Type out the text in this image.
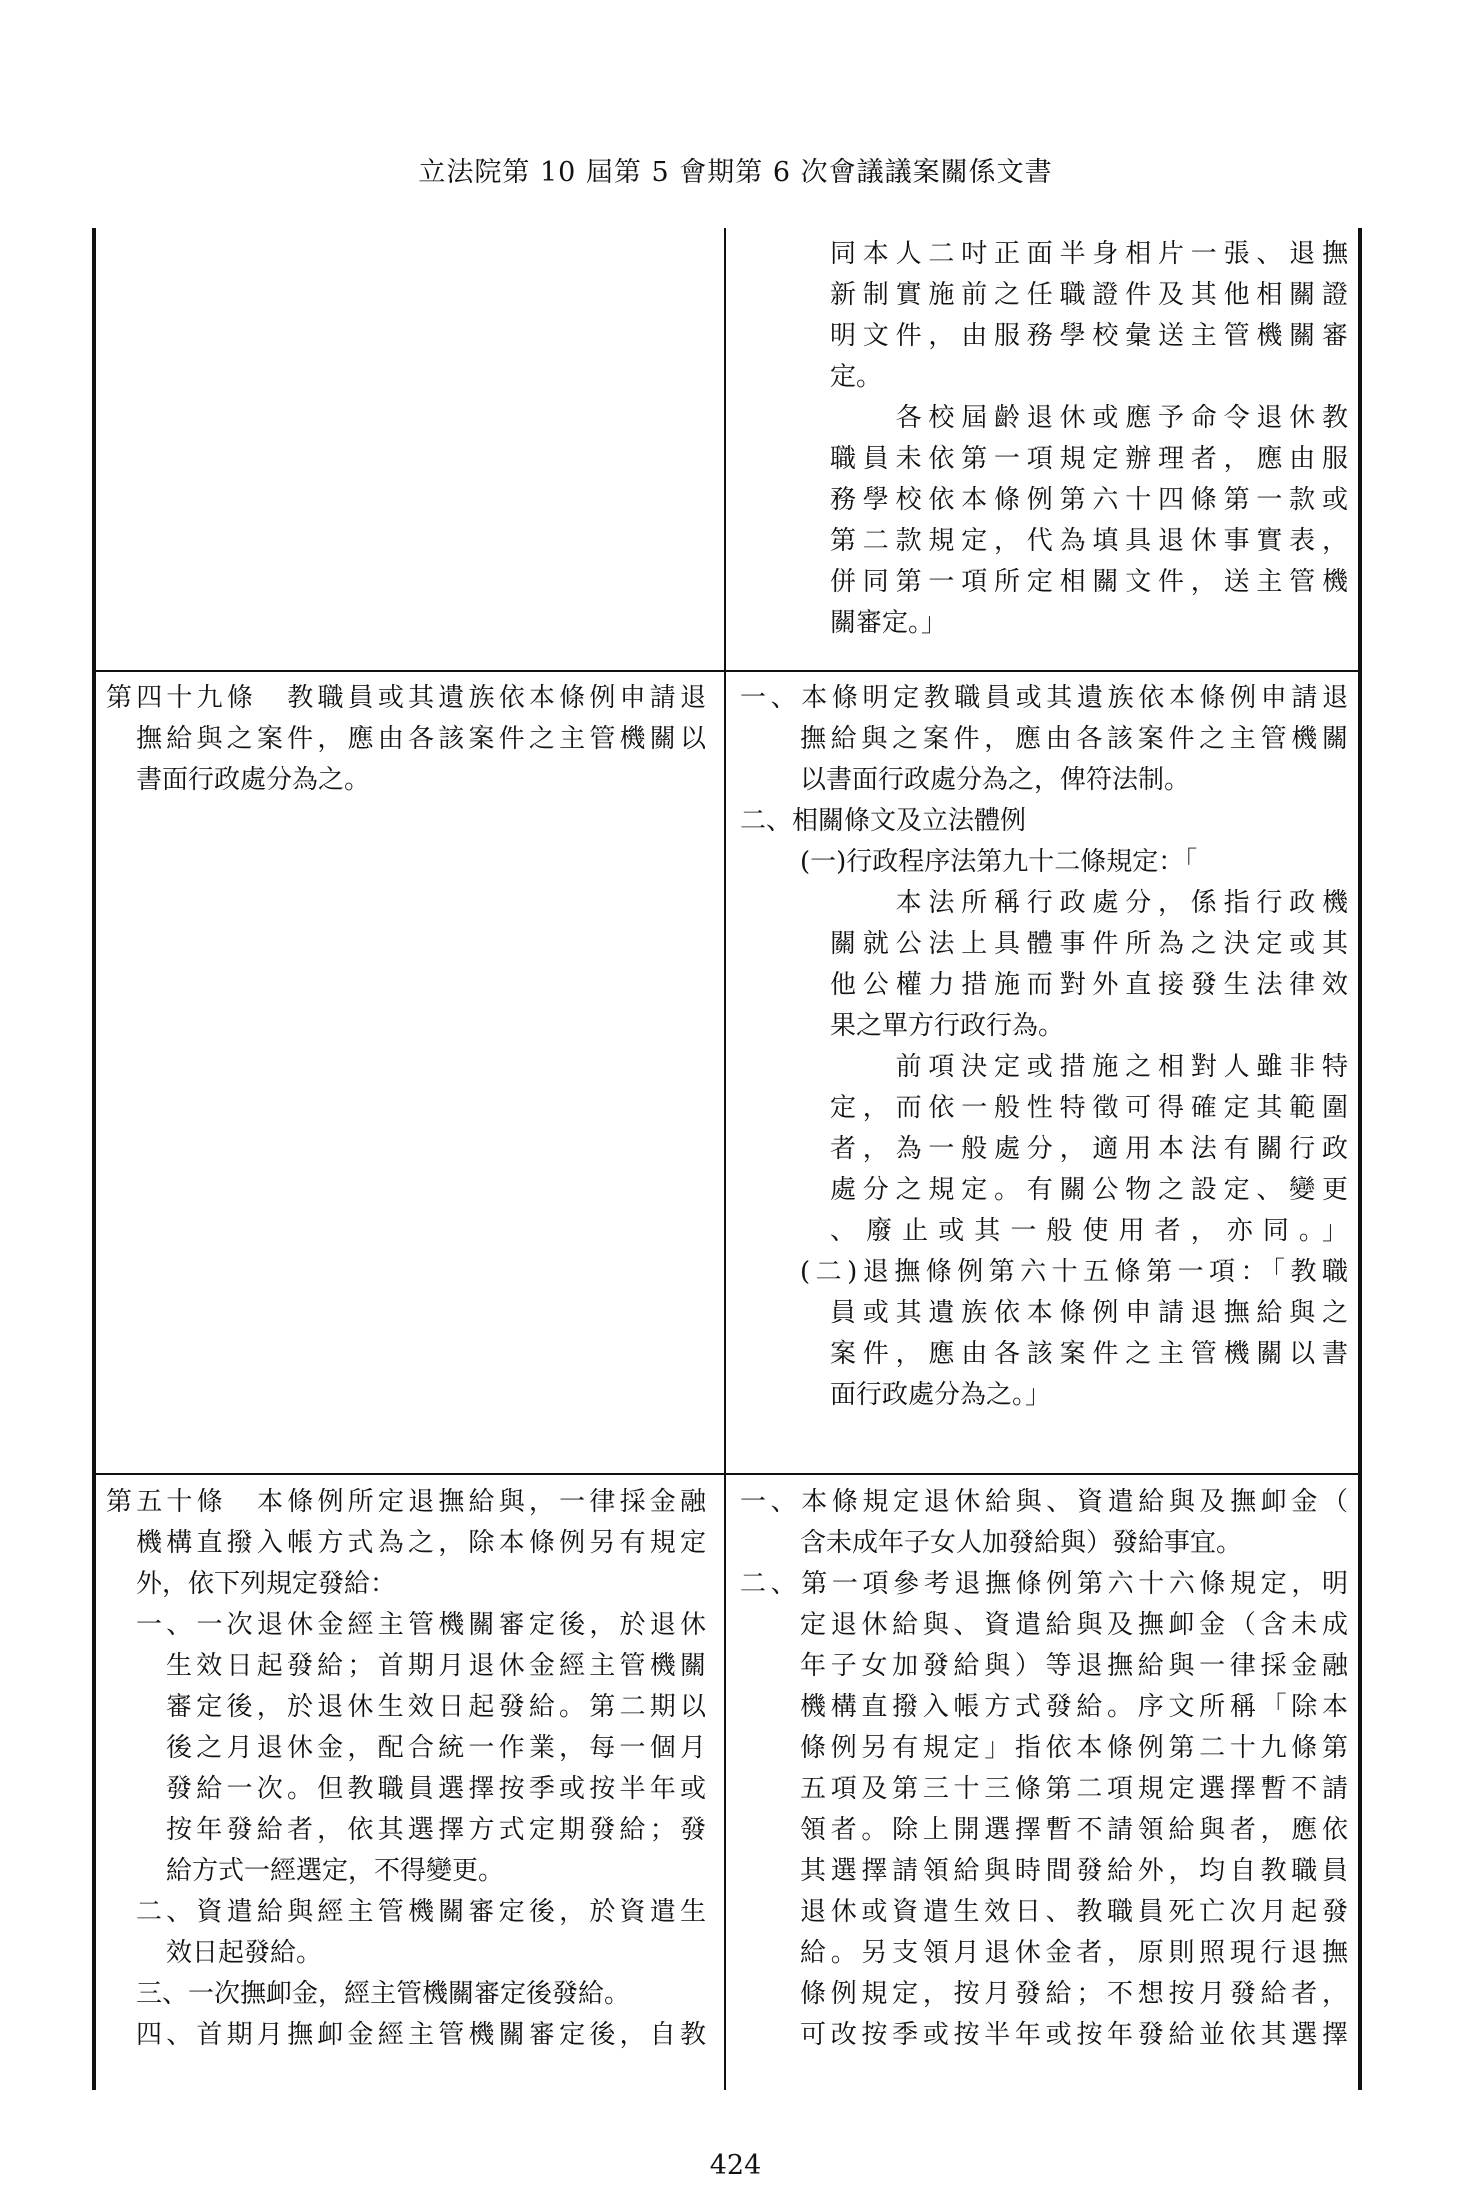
立法院第 10 屆第 5 會期第 6 次會議議案關係文書

同本人二吋正面半身相片一張、退撫

新制實施前之任職證件及其他相關證

明文件，由服務學校彙送主管機關審

定。

　　各校屆齡退休或應予命令退休教

職員未依第一項規定辦理者，應由服

務學校依本條例第六十四條第一款或

第二款規定，代為填具退休事實表，

併同第一項所定相關文件，送主管機

關審定。」

第四十九條　教職員或其遺族依本條例申請退

撫給與之案件，應由各該案件之主管機關以

書面行政處分為之。

一、本條明定教職員或其遺族依本條例申請退

撫給與之案件，應由各該案件之主管機關

以書面行政處分為之，俾符法制。

二、相關條文及立法體例

(一)行政程序法第九十二條規定：「

　　本法所稱行政處分，係指行政機

關就公法上具體事件所為之決定或其

他公權力措施而對外直接發生法律效

果之單方行政行為。

　　前項決定或措施之相對人雖非特

定，而依一般性特徵可得確定其範圍

者，為一般處分，適用本法有關行政

處分之規定。有關公物之設定、變更

、廢止或其一般使用者，亦同。」

(二)退撫條例第六十五條第一項：「教職

員或其遺族依本條例申請退撫給與之

案件，應由各該案件之主管機關以書

面行政處分為之。」

第五十條　本條例所定退撫給與，一律採金融

機構直撥入帳方式為之，除本條例另有規定

外，依下列規定發給：

一、一次退休金經主管機關審定後，於退休

生效日起發給；首期月退休金經主管機關

審定後，於退休生效日起發給。第二期以

後之月退休金，配合統一作業，每一個月

發給一次。但教職員選擇按季或按半年或

按年發給者，依其選擇方式定期發給；發

給方式一經選定，不得變更。

二、資遣給與經主管機關審定後，於資遣生

效日起發給。

三、一次撫卹金，經主管機關審定後發給。

四、首期月撫卹金經主管機關審定後，自教

一、本條規定退休給與、資遣給與及撫卹金（

含未成年子女人加發給與）發給事宜。

二、第一項參考退撫條例第六十六條規定，明

定退休給與、資遣給與及撫卹金（含未成

年子女加發給與）等退撫給與一律採金融

機構直撥入帳方式發給。序文所稱「除本

條例另有規定」指依本條例第二十九條第

五項及第三十三條第二項規定選擇暫不請

領者。除上開選擇暫不請領給與者，應依

其選擇請領給與時間發給外，均自教職員

退休或資遣生效日、教職員死亡次月起發

給。另支領月退休金者，原則照現行退撫

條例規定，按月發給；不想按月發給者，

可改按季或按半年或按年發給並依其選擇

424
